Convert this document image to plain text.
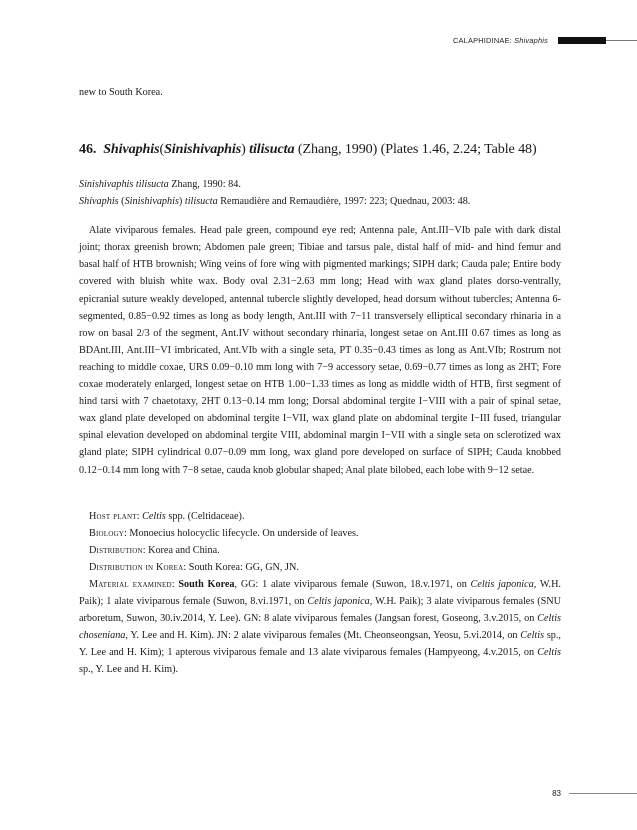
CALAPHIDINAE: Shivaphis

new to South Korea.

46. Shivaphis(Sinishivaphis) tilisucta (Zhang, 1990) (Plates 1.46, 2.24; Table 48)

Sinishivaphis tilisucta Zhang, 1990: 84.

Shivaphis (Sinishivaphis) tilisucta Remaudière and Remaudière, 1997: 223; Quednau, 2003: 48.

Alate viviparous females. Head pale green, compound eye red; Antenna pale, Ant.III−VIb pale with dark distal joint; thorax greenish brown; Abdomen pale green; Tibiae and tarsus pale, distal half of mid- and hind femur and basal half of HTB brownish; Wing veins of fore wing with pigmented markings; SIPH dark; Cauda pale; Entire body covered with bluish white wax. Body oval 2.31−2.63 mm long; Head with wax gland plates dorso-ventrally, epicranial suture weakly developed, antennal tubercle slightly developed, head dorsum without tubercles; Antenna 6-segmented, 0.85−0.92 times as long as body length, Ant.III with 7−11 transversely elliptical secondary rhinaria in a row on basal 2/3 of the segment, Ant.IV without secondary rhinaria, longest setae on Ant.III 0.67 times as long as BDAnt.III, Ant.III−VI imbricated, Ant.VIb with a single seta, PT 0.35−0.43 times as long as Ant.VIb; Rostrum not reaching to middle coxae, URS 0.09−0.10 mm long with 7−9 accessory setae, 0.69−0.77 times as long as 2HT; Fore coxae moderately enlarged, longest setae on HTB 1.00−1.33 times as long as middle width of HTB, first segment of hind tarsi with 7 chaetotaxy, 2HT 0.13−0.14 mm long; Dorsal abdominal tergite I−VIII with a pair of spinal setae, wax gland plate developed on abdominal tergite I−VII, wax gland plate on abdominal tergite I−III fused, triangular spinal elevation developed on abdominal tergite VIII, abdominal margin I−VII with a single seta on sclerotized wax gland plate; SIPH cylindrical 0.07−0.09 mm long, wax gland pore developed on surface of SIPH; Cauda knobbed 0.12−0.14 mm long with 7−8 setae, cauda knob globular shaped; Anal plate bilobed, each lobe with 9−12 setae.

Host plant: Celtis spp. (Celtidaceae).

Biology: Monoecius holocyclic lifecycle. On underside of leaves.

Distribution: Korea and China.

Distribution in Korea: South Korea: GG, GN, JN.

Material examined: South Korea, GG: 1 alate viviparous female (Suwon, 18.v.1971, on Celtis japonica, W.H. Paik); 1 alate viviparous female (Suwon, 8.vi.1971, on Celtis japonica, W.H. Paik); 3 alate viviparous females (SNU arboretum, Suwon, 30.iv.2014, Y. Lee). GN: 8 alate viviparous females (Jangsan forest, Goseong, 3.v.2015, on Celtis choseniana, Y. Lee and H. Kim). JN: 2 alate viviparous females (Mt. Cheonseongsan, Yeosu, 5.vi.2014, on Celtis sp., Y. Lee and H. Kim); 1 apterous viviparous female and 13 alate viviparous females (Hampyeong, 4.v.2015, on Celtis sp., Y. Lee and H. Kim).

83
